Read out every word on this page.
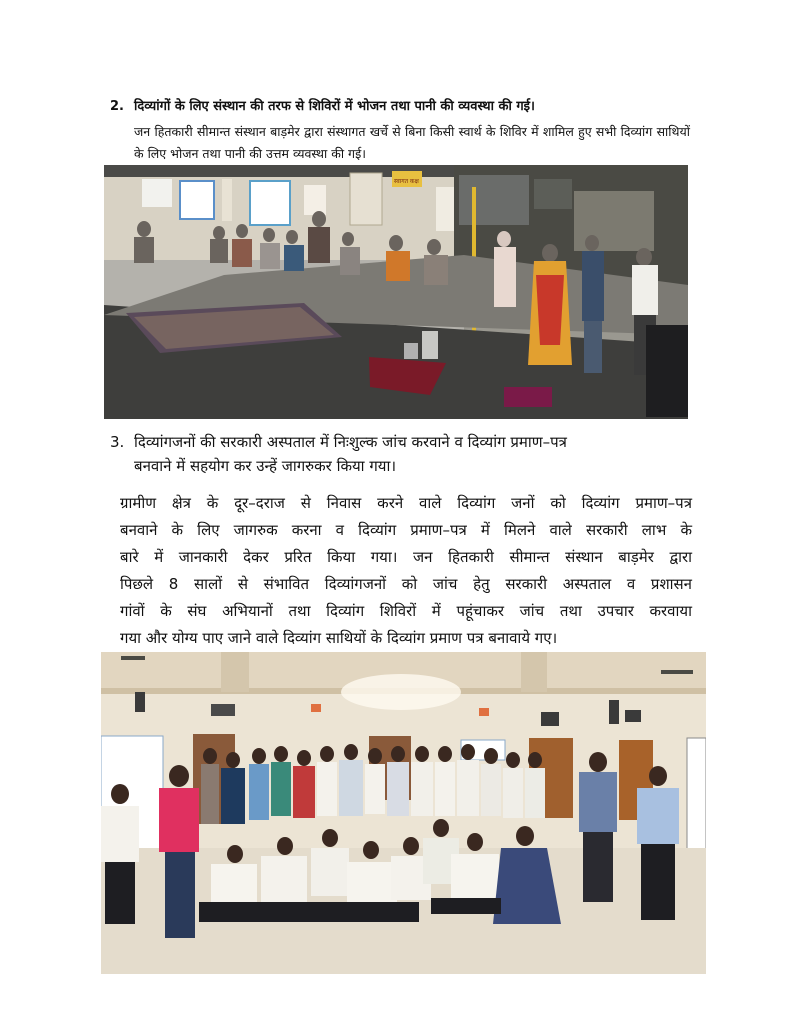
2. दिव्यांगों के लिए संस्थान की तरफ से शिविरों में भोजन तथा पानी की व्यवस्था की गई।
जन हितकारी सीमान्त संस्थान बाड़मेर द्वारा संस्थागत खर्चे से बिना किसी स्वार्थ के शिविर में शामिल हुए सभी दिव्यांग साथियों के लिए भोजन तथा पानी की उत्तम व्यवस्था की गई।
स्वागत कक्ष
3. दिव्यांगजनों की सरकारी अस्पताल में निःशुल्क जांच करवाने व दिव्यांग प्रमाण–पत्र
बनवाने में सहयोग कर उन्हें जागरुकर किया गया।
ग्रामीण क्षेत्र के दूर–दराज से निवास करने वाले दिव्यांग जनों को दिव्यांग प्रमाण–पत्र
बनवाने के लिए जागरुक करना व दिव्यांग प्रमाण–पत्र में मिलने वाले सरकारी लाभ के
बारे में जानकारी देकर प्ररित किया गया। जन हितकारी सीमान्त संस्थान बाड़मेर द्वारा
पिछले 8 सालों से संभावित दिव्यांगजनों को जांच हेतु सरकारी अस्पताल व प्रशासन
गांवों के संघ अभियानों तथा दिव्यांग शिविरों में पहूंचाकर जांच तथा उपचार करवाया
गया और योग्य पाए जाने वाले दिव्यांग साथियों के दिव्यांग प्रमाण पत्र बनावाये गए।
